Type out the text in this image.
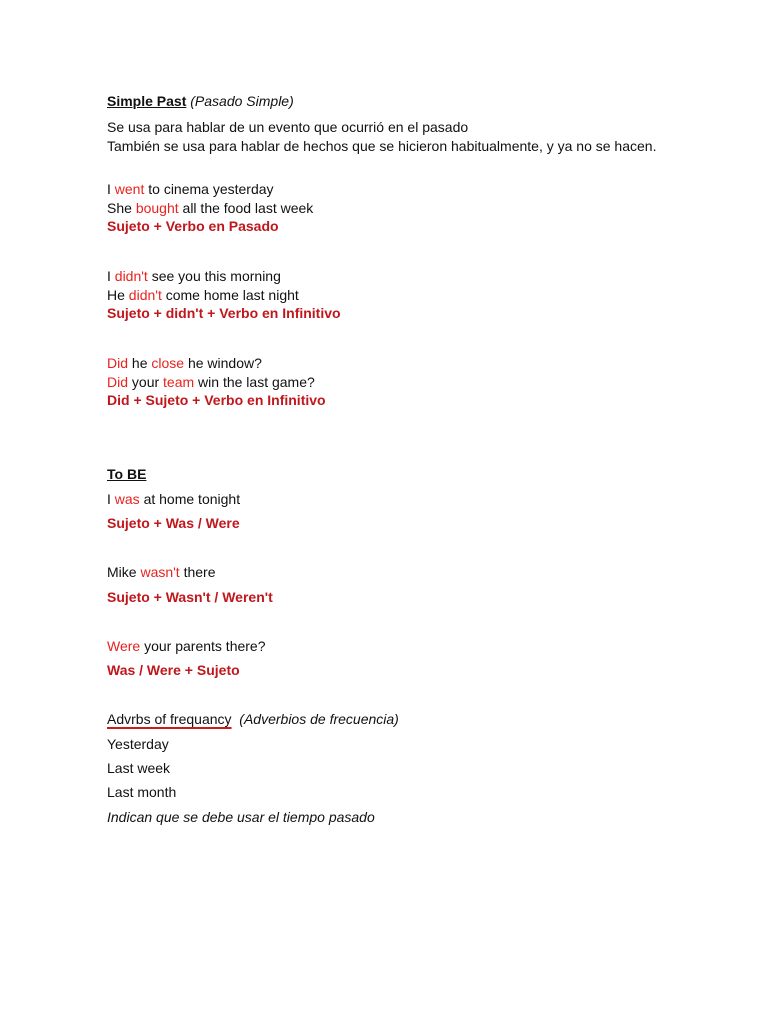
Simple Past (Pasado Simple)

Se usa para hablar de un evento que ocurrió en el pasado

También se usa para hablar de hechos que se hicieron habitualmente, y ya no se hacen.

I went to cinema yesterday

She bought all the food last week

Sujeto + Verbo en Pasado

I didn't see you this morning

He didn't come home last night

Sujeto + didn't + Verbo en Infinitivo

Did he close he window?

Did your team win the last game?

Did + Sujeto + Verbo en Infinitivo

To BE

I was at home tonight

Sujeto + Was / Were

Mike wasn't there

Sujeto + Wasn't / Weren't

Were your parents there?

Was / Were + Sujeto

Advrbs of frequancy (Adverbios de frecuencia)

Yesterday

Last week

Last month

Indican que se debe usar el tiempo pasado
